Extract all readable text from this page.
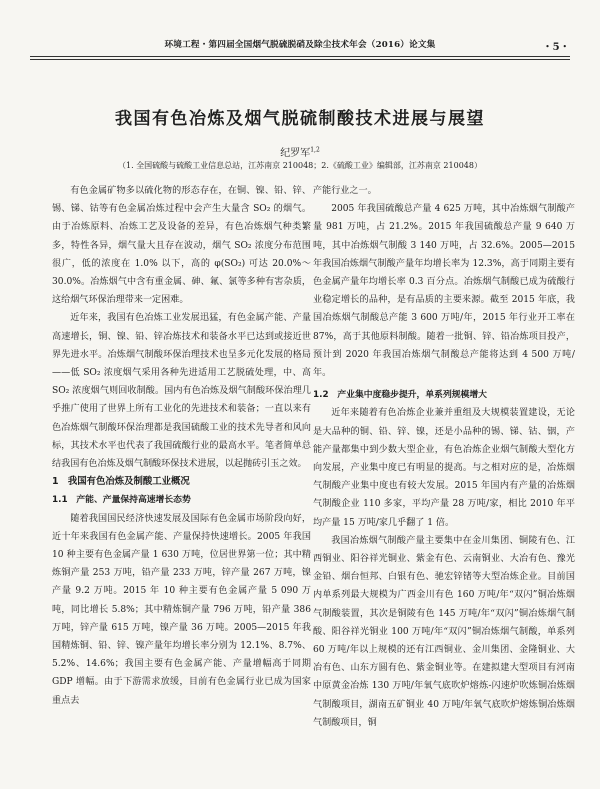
环境工程・第四届全国烟气脱硫脱硝及除尘技术年会（2016）论文集	・5・
我国有色冶炼及烟气脱硫制酸技术进展与展望
纪罗军$^{1,2}$
（1. 全国硫酸与硫酸工业信息总站，江苏南京 210048；2.《硫酸工业》编辑部，江苏南京 210048）

有色金属矿物多以硫化物的形态存在，在铜、镍、铅、锌、锡、锑、钴等有色金属冶炼过程中会产生大量含 SO₂ 的烟气。由于冶炼原料、冶炼工艺及设备的差异，有色冶炼烟气种类繁多，特性各异，烟气量大且存在波动，烟气 SO₂ 浓度分布范围很广，低的浓度在 1.0% 以下，高的 φ(SO₂) 可达 20.0%～30.0%。冶炼烟气中含有重金属、砷、氟、氯等多种有害杂质，这给烟气环保治理带来一定困难。

近年来，我国有色冶炼工业发展迅猛，有色金属产能、产量高速增长，铜、镍、铅、锌冶炼技术和装备水平已达到或接近世界先进水平。冶炼烟气制酸环保治理技术也呈多元化发展的格局——低 SO₂ 浓度烟气采用各种先进适用工艺脱硫处理，中、高 SO₂ 浓度烟气则回收制酸。国内有色冶炼及烟气制酸环保治理几乎推广使用了世界上所有工业化的先进技术和装备；一直以来有色冶炼烟气制酸环保治理都是我国硫酸工业的技术先导者和风向标，其技术水平也代表了我国硫酸行业的最高水平。笔者简单总结我国有色冶炼及烟气制酸环保技术进展，以起抛砖引玉之效。

1　我国有色冶炼及制酸工业概况

1.1　产能、产量保持高速增长态势

随着我国国民经济快速发展及国际有色金属市场阶段向好，近十年来我国有色金属产能、产量保持快速增长。2005 年我国 10 种主要有色金属产量 1 630 万吨，位居世界第一位；其中精炼铜产量 253 万吨，铅产量 233 万吨，锌产量 267 万吨，镍产量 9.2 万吨。2015 年 10 种主要有色金属产量 5 090 万吨，同比增长 5.8%；其中精炼铜产量 796 万吨，铅产量 386 万吨，锌产量 615 万吨，镍产量 36 万吨。2005—2015 年我国精炼铜、铅、锌、镍产量年均增长率分别为 12.1%、8.7%、5.2%、14.6%；我国主要有色金属产能、产量增幅高于同期 GDP 增幅。由于下游需求放缓，目前有色金属行业已成为国家重点去

产能行业之一。

2005 年我国硫酸总产量 4 625 万吨，其中冶炼烟气制酸产量 981 万吨，占 21.2%。2015 年我国硫酸总产量 9 640 万吨，其中冶炼烟气制酸 3 140 万吨，占 32.6%。2005—2015 年我国冶炼烟气制酸产量年均增长率为 12.3%，高于同期主要有色金属产量年均增长率 0.3 百分点。冶炼烟气制酸已成为硫酸行业稳定增长的品种，是有品质的主要来源。截至 2015 年底，我国冶炼烟气制酸总产能 3 600 万吨/年，2015 年行业开工率在 87%，高于其他原料制酸。随着一批铜、锌、铅冶炼项目投产，预计到 2020 年我国冶炼烟气制酸总产能将达到 4 500 万吨/年。

1.2　产业集中度稳步提升，单系列规模增大

近年来随着有色冶炼企业兼并重组及大规模装置建设，无论是大品种的铜、铅、锌、镍，还是小品种的锡、锑、钴、铟，产能产量都集中到少数大型企业，有色冶炼企业烟气制酸大型化方向发展，产业集中度已有明显的提高。与之相对应的是，冶炼烟气制酸产业集中度也有较大发展。2015 年国内有产量的冶炼烟气制酸企业 110 多家，平均产量 28 万吨/家，相比 2010 年平均产量 15 万吨/家几乎翻了 1 倍。

我国冶炼烟气制酸产量主要集中在金川集团、铜陵有色、江西铜业、阳谷祥光铜业、紫金有色、云南铜业、大冶有色、豫光金铅、烟台恒邦、白银有色、驰宏锌锗等大型冶炼企业。目前国内单系列最大规模为广西金川有色 160 万吨/年“双闪”铜冶炼烟气制酸装置，其次是铜陵有色 145 万吨/年“双闪”铜冶炼烟气制酸、阳谷祥光铜业 100 万吨/年“双闪”铜冶炼烟气制酸，单系列 60 万吨/年以上规模的还有江西铜业、金川集团、金隆铜业、大冶有色、山东方圆有色、紫金铜业等。在建拟建大型项目有河南中原黄金冶炼 130 万吨/年氧气底吹炉熔炼-闪速炉吹炼铜冶炼烟气制酸项目，湖南五矿铜业 40 万吨/年氧气底吹炉熔炼铜冶炼烟气制酸项目，铜
